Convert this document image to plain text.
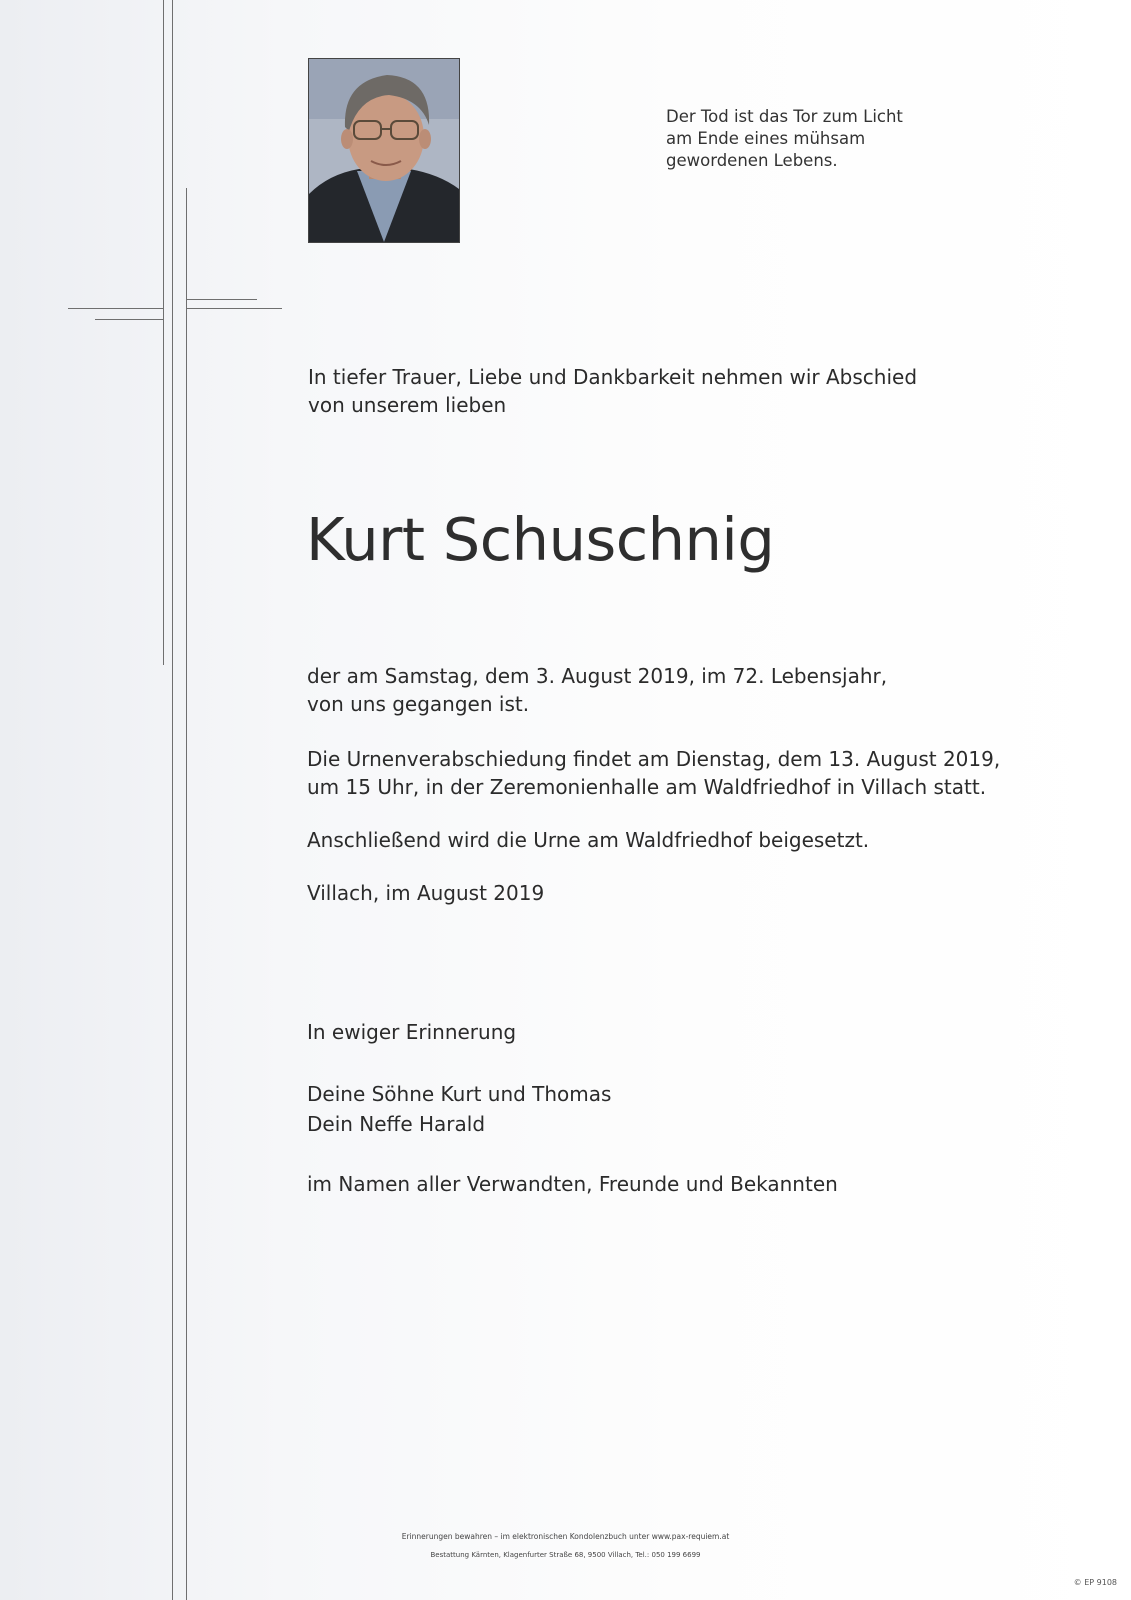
Der Tod ist das Tor zum Licht
am Ende eines mühsam
gewordenen Lebens.
In tiefer Trauer, Liebe und Dankbarkeit nehmen wir Abschied
von unserem lieben
Kurt Schuschnig
der am Samstag, dem 3. August 2019, im 72. Lebensjahr,
von uns gegangen ist.
Die Urnenverabschiedung findet am Dienstag, dem 13. August 2019,
um 15 Uhr, in der Zeremonienhalle am Waldfriedhof in Villach statt.
Anschließend wird die Urne am Waldfriedhof beigesetzt.
Villach, im August 2019
In ewiger Erinnerung
Deine Söhne Kurt und Thomas
Dein Neffe Harald
im Namen aller Verwandten, Freunde und Bekannten
Erinnerungen bewahren – im elektronischen Kondolenzbuch unter www.pax-requiem.at
Bestattung Kärnten, Klagenfurter Straße 68, 9500 Villach, Tel.: 050 199 6699
© EP 9108
